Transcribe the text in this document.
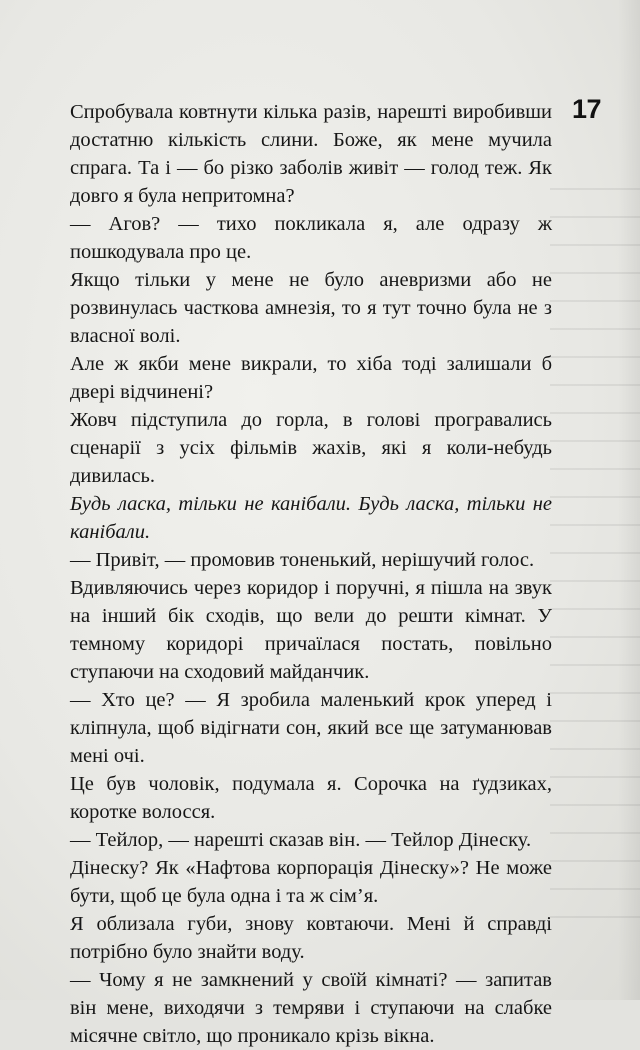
17

Спробувала ковтнути кілька разів, нарешті виробивши достатню кількість слини. Боже, як мене мучила спрага. Та і — бо різко заболів живіт — голод теж. Як довго я була непритомна?

— Агов? — тихо покликала я, але одразу ж пошкодувала про це.

Якщо тільки у мене не було аневризми або не розвинулась часткова амнезія, то я тут точно була не з власної волі.

Але ж якби мене викрали, то хіба тоді залишали б двері відчинені?

Жовч підступила до горла, в голові програвались сценарії з усіх фільмів жахів, які я коли-небудь дивилась.

Будь ласка, тільки не канібали. Будь ласка, тільки не канібали.

— Привіт, — промовив тоненький, нерішучий голос.

Вдивляючись через коридор і поручні, я пішла на звук на інший бік сходів, що вели до решти кімнат. У темному коридорі причаїлася постать, повільно ступаючи на сходовий майданчик.

— Хто це? — Я зробила маленький крок уперед і кліпнула, щоб відігнати сон, який все ще затуманював мені очі.

Це був чоловік, подумала я. Сорочка на ґудзиках, коротке волосся.

— Тейлор, — нарешті сказав він. — Тейлор Дінеску.

Дінеску? Як «Нафтова корпорація Дінеску»? Не може бути, щоб це була одна і та ж сім’я.

Я облизала губи, знову ковтаючи. Мені й справді потрібно було знайти воду.

— Чому я не замкнений у своїй кімнаті? — запитав він мене, виходячи з темряви і ступаючи на слабке місячне світло, що проникало крізь вікна.
